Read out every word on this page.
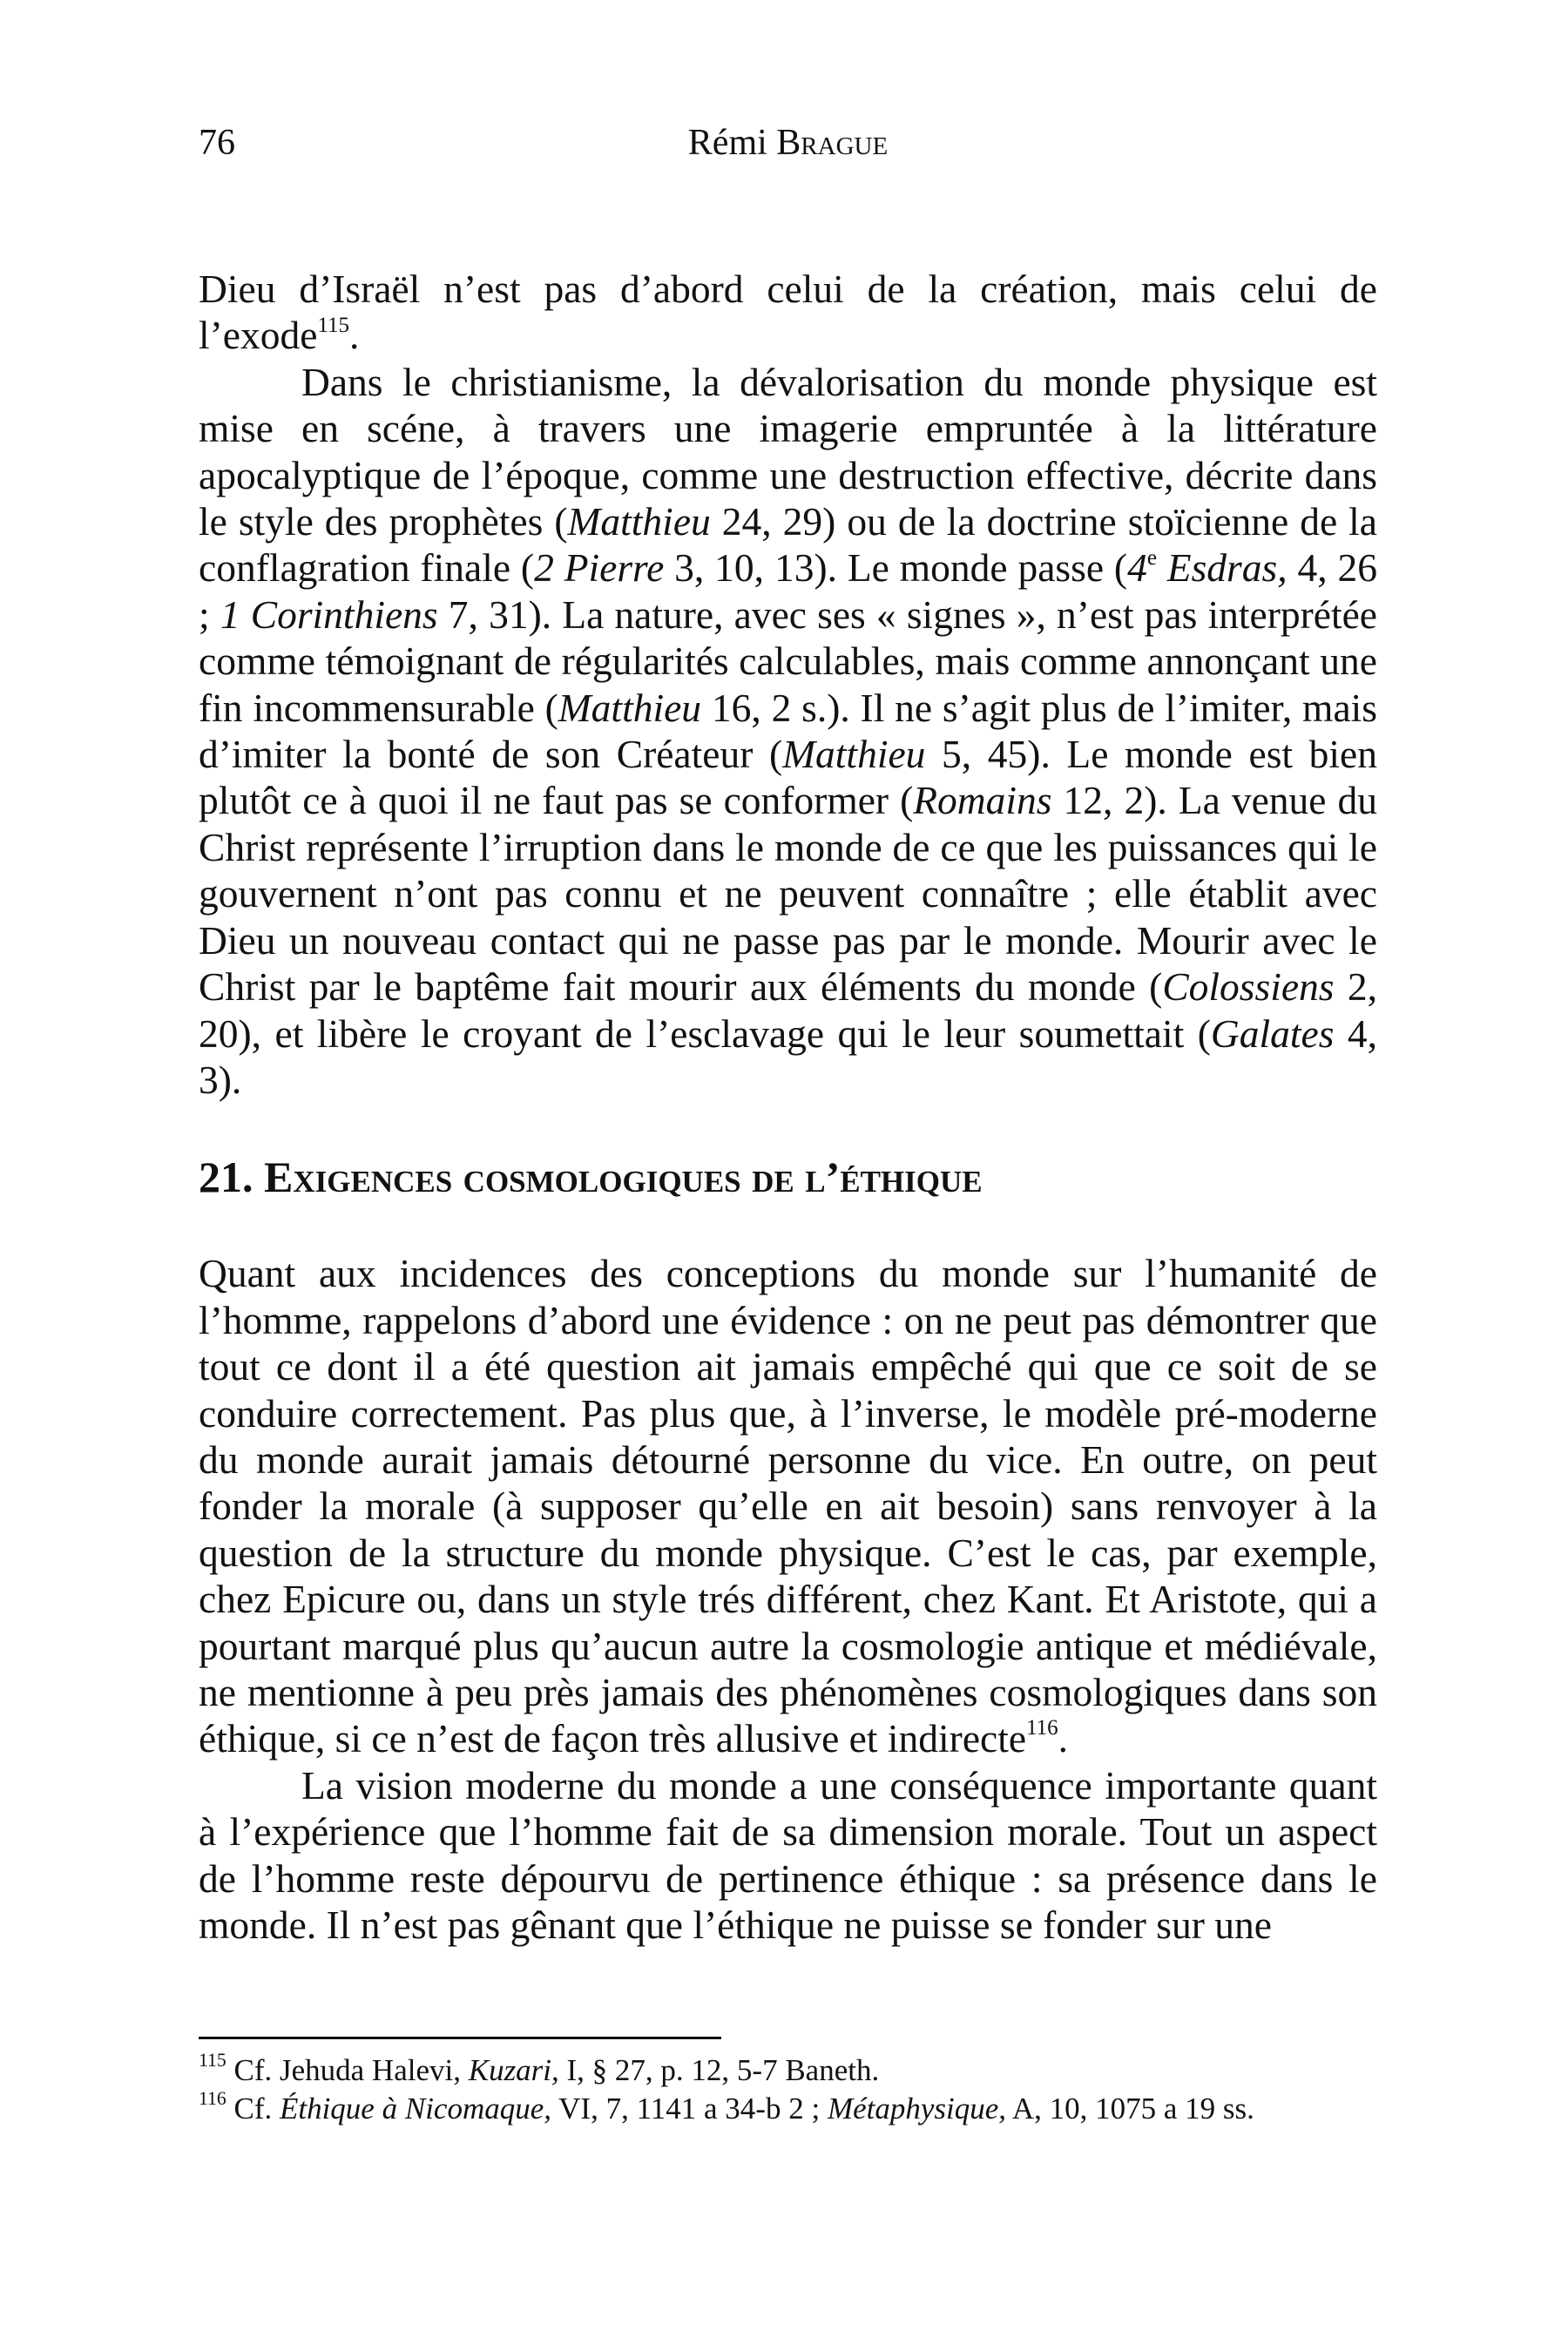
76	Rémi Brague

Dieu d’Israël n’est pas d’abord celui de la création, mais celui de l’exode$^{115}$.

Dans le christianisme, la dévalorisation du monde physique est mise en scéne, à travers une imagerie empruntée à la littérature apocalyptique de l’époque, comme une destruction effective, décrite dans le style des prophètes (Matthieu 24, 29) ou de la doctrine stoïcienne de la conflagration finale (2 Pierre 3, 10, 13). Le monde passe (4e Esdras, 4, 26 ; 1 Corinthiens 7, 31). La nature, avec ses « signes », n’est pas interprétée comme témoignant de régularités calculables, mais comme annonçant une fin incommensurable (Matthieu 16, 2 s.). Il ne s’agit plus de l’imiter, mais d’imiter la bonté de son Créateur (Matthieu 5, 45). Le monde est bien plutôt ce à quoi il ne faut pas se conformer (Romains 12, 2). La venue du Christ représente l’irruption dans le monde de ce que les puissances qui le gouvernent n’ont pas connu et ne peuvent connaître ; elle établit avec Dieu un nouveau contact qui ne passe pas par le monde. Mourir avec le Christ par le baptême fait mourir aux éléments du monde (Colossiens 2, 20), et libère le croyant de l’esclavage qui le leur soumettait (Galates 4, 3).

21. Exigences cosmologiques de l’éthique

Quant aux incidences des conceptions du monde sur l’humanité de l’homme, rappelons d’abord une évidence : on ne peut pas démontrer que tout ce dont il a été question ait jamais empêché qui que ce soit de se conduire correctement. Pas plus que, à l’inverse, le modèle pré-moderne du monde aurait jamais détourné personne du vice. En outre, on peut fonder la morale (à supposer qu’elle en ait besoin) sans renvoyer à la question de la structure du monde physique. C’est le cas, par exemple, chez Epicure ou, dans un style trés différent, chez Kant. Et Aristote, qui a pourtant marqué plus qu’aucun autre la cosmologie antique et médiévale, ne mentionne à peu près jamais des phénomènes cosmologiques dans son éthique, si ce n’est de façon très allusive et indirecte$^{116}$.

La vision moderne du monde a une conséquence importante quant à l’expérience que l’homme fait de sa dimension morale. Tout un aspect de l’homme reste dépourvu de pertinence éthique : sa présence dans le monde. Il n’est pas gênant que l’éthique ne puisse se fonder sur une

$^{115}$ Cf. Jehuda Halevi, Kuzari, I, § 27, p. 12, 5-7 Baneth.

$^{116}$ Cf. Éthique à Nicomaque, VI, 7, 1141 a 34-b 2 ; Métaphysique, A, 10, 1075 a 19 ss.
